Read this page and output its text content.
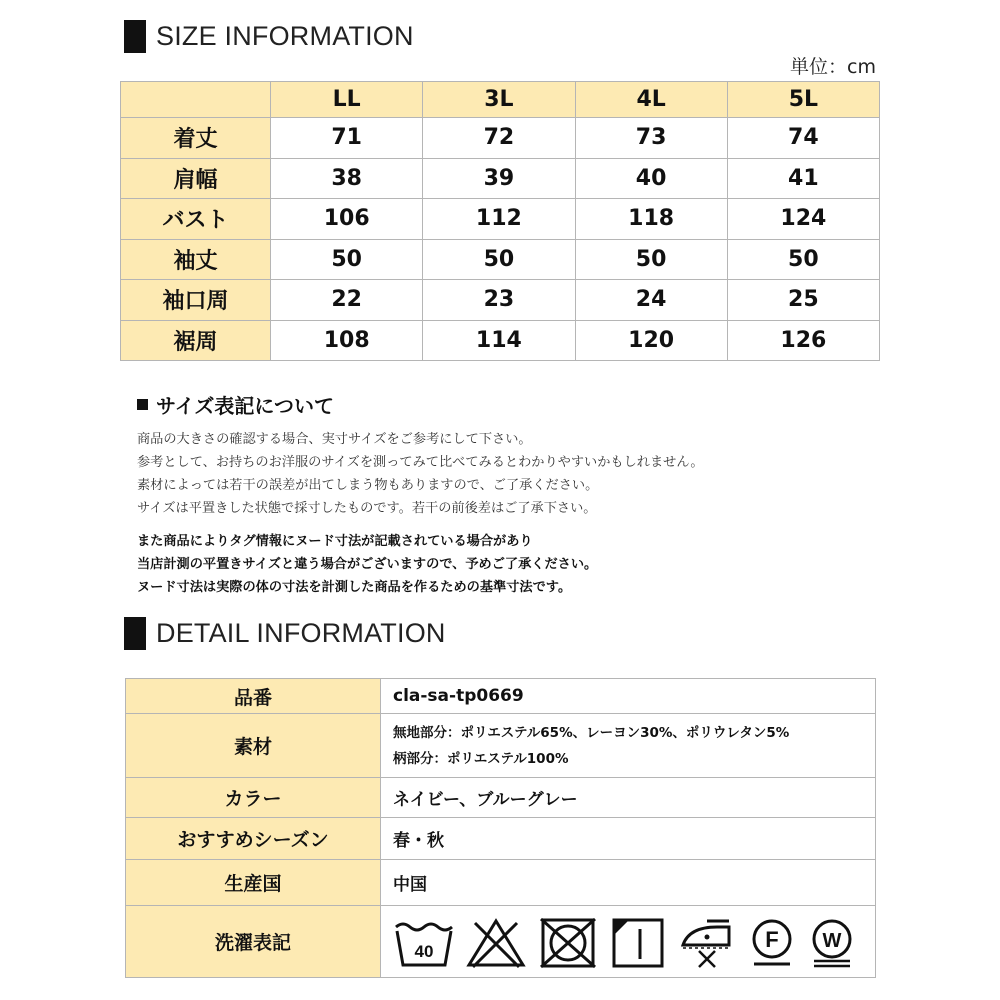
SIZE INFORMATION
単位：cm
	LL	3L	4L	5L
着丈	71	72	73	74
肩幅	38	39	40	41
バスト	106	112	118	124
袖丈	50	50	50	50
袖口周	22	23	24	25
裾周	108	114	120	126
サイズ表記について
商品の大きさの確認する場合、実寸サイズをご参考にして下さい。
参考として、お持ちのお洋服のサイズを測ってみて比べてみるとわかりやすいかもしれません。
素材によっては若干の誤差が出てしまう物もありますので、ご了承ください。
サイズは平置きした状態で採寸したものです。若干の前後差はご了承下さい。
また商品によりタグ情報にヌード寸法が記載されている場合があり
当店計測の平置きサイズと違う場合がございますので、予めご了承ください。
ヌード寸法は実際の体の寸法を計測した商品を作るための基準寸法です。
DETAIL INFORMATION
品番	cla-sa-tp0669
素材	無地部分：ポリエステル65%、レーヨン30%、ポリウレタン5%
柄部分：ポリエステル100%

カラー	ネイビー、ブルーグレー
おすすめシーズン	春・秋
生産国	中国
洗濯表記	40 F W
